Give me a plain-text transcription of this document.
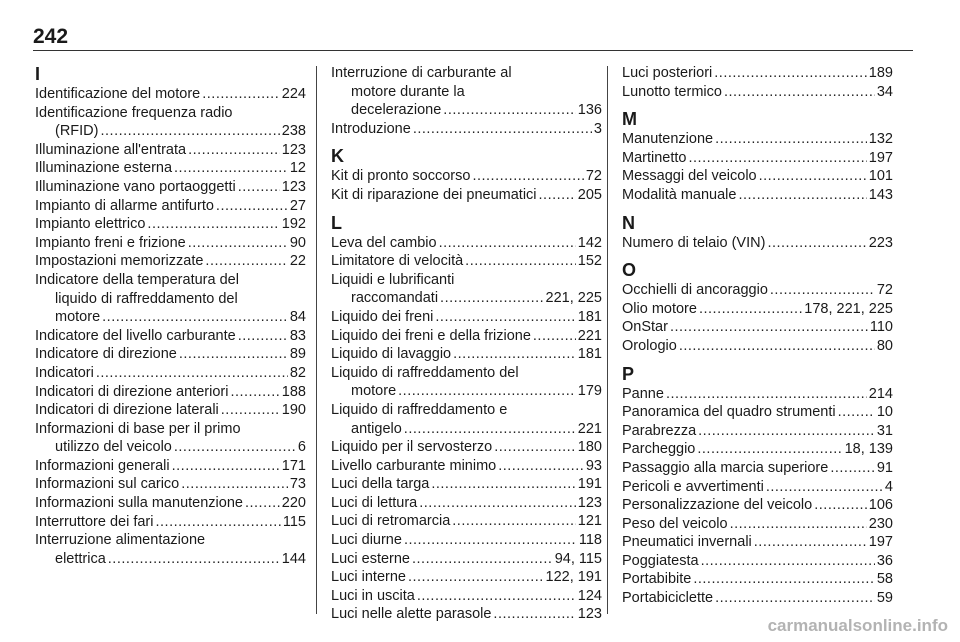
242
I
Identificazione del motore .....	224
Identificazione frequenza radio
(RFID) .....	238
Illuminazione all'entrata .....	123
Illuminazione esterna .....	12
Illuminazione vano portaoggetti .....	123
Impianto di allarme antifurto .....	27
Impianto elettrico .....	192
Impianto freni e frizione .....	90
Impostazioni memorizzate .....	22
Indicatore della temperatura del
liquido di raffreddamento del
motore .....	84
Indicatore del livello carburante .....	83
Indicatore di direzione .....	89
Indicatori .....	82
Indicatori di direzione anteriori .....	188
Indicatori di direzione laterali .....	190
Informazioni di base per il primo
utilizzo del veicolo .....	6
Informazioni generali .....	171
Informazioni sul carico .....	73
Informazioni sulla manutenzione .....	220
Interruttore dei fari .....	115
Interruzione alimentazione
elettrica .....	144
Interruzione di carburante al
motore durante la
decelerazione .....	136
Introduzione .....	3
K
Kit di pronto soccorso .....	72
Kit di riparazione dei pneumatici .....	205
L
Leva del cambio .....	142
Limitatore di velocità .....	152
Liquidi e lubrificanti
raccomandati .....	221, 225
Liquido dei freni .....	181
Liquido dei freni e della frizione .....	221
Liquido di lavaggio .....	181
Liquido di raffreddamento del
motore .....	179
Liquido di raffreddamento e
antigelo .....	221
Liquido per il servosterzo .....	180
Livello carburante minimo .....	93
Luci della targa .....	191
Luci di lettura .....	123
Luci di retromarcia .....	121
Luci diurne .....	118
Luci esterne .....	94, 115
Luci interne .....	122, 191
Luci in uscita .....	124
Luci nelle alette parasole .....	123
Luci posteriori .....	189
Lunotto termico .....	34
M
Manutenzione .....	132
Martinetto .....	197
Messaggi del veicolo .....	101
Modalità manuale .....	143
N
Numero di telaio (VIN) .....	223
O
Occhielli di ancoraggio .....	72
Olio motore .....	178, 221, 225
OnStar .....	110
Orologio .....	80
P
Panne .....	214
Panoramica del quadro strumenti .....	10
Parabrezza .....	31
Parcheggio .....	18, 139
Passaggio alla marcia superiore .....	91
Pericoli e avvertimenti .....	4
Personalizzazione del veicolo .....	106
Peso del veicolo .....	230
Pneumatici invernali .....	197
Poggiatesta .....	36
Portabibite .....	58
Portabiciclette .....	59
carmanualsonline.info
